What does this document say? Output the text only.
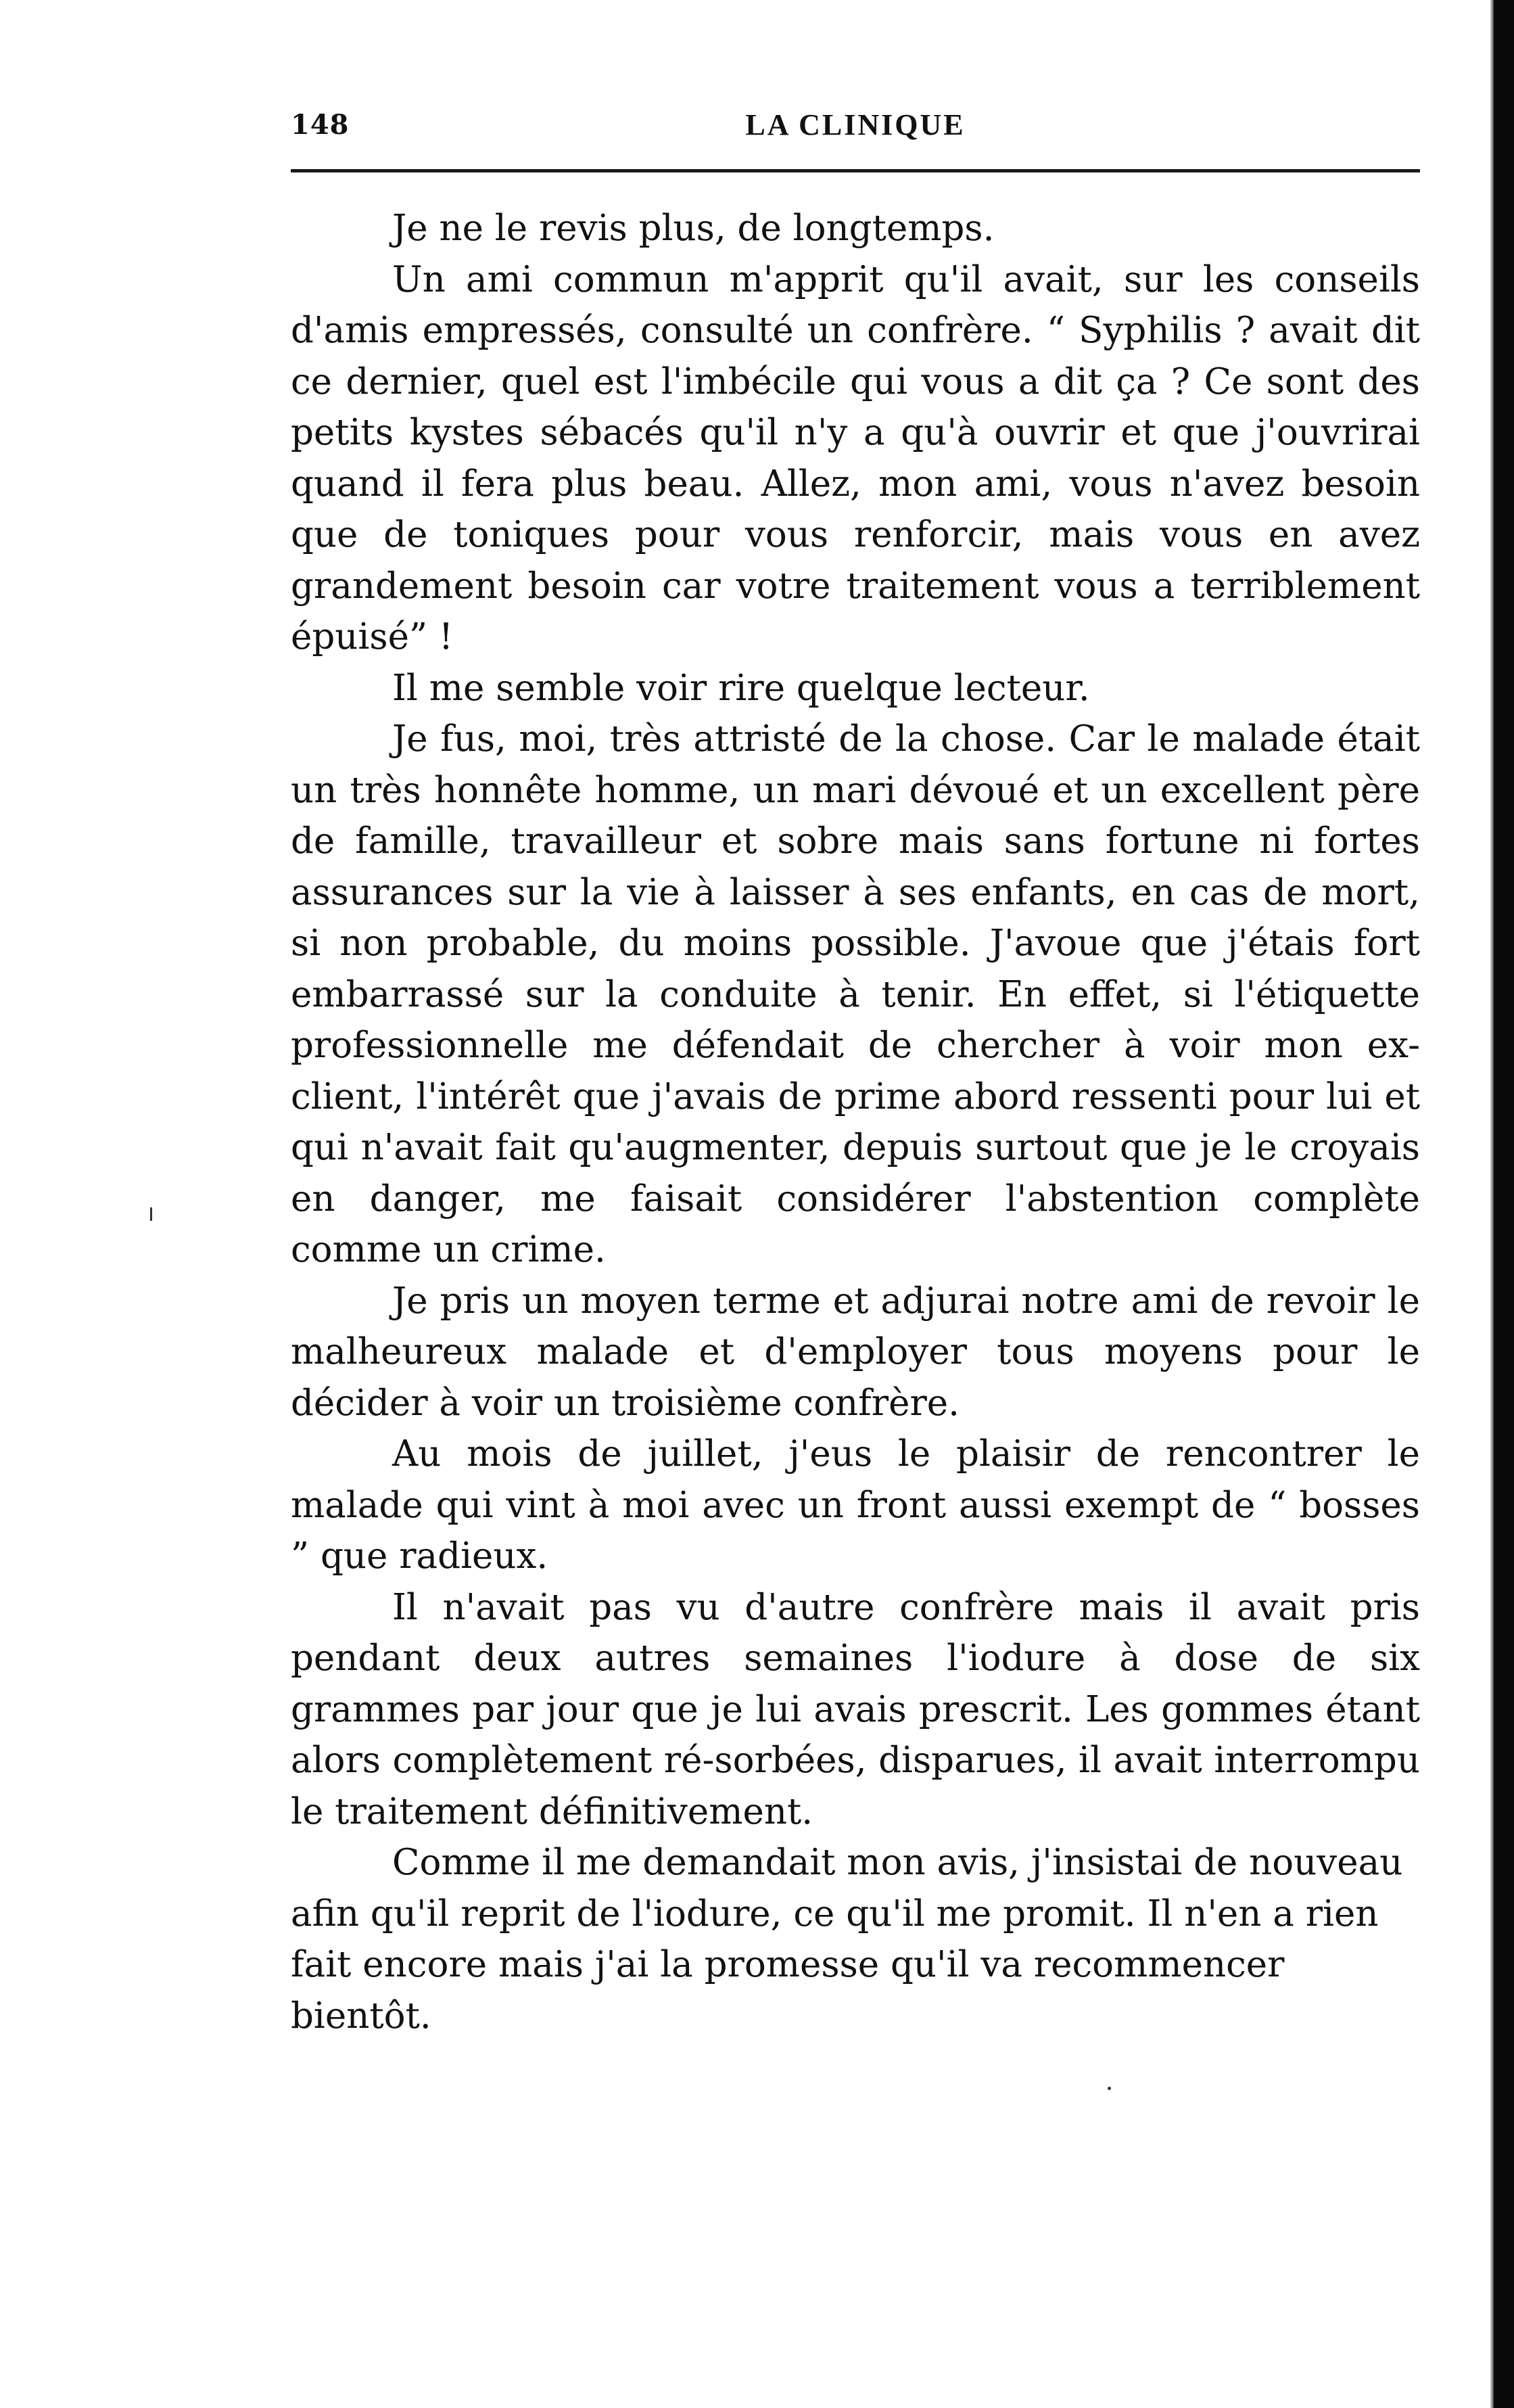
LA CLINIQUE
148

Je ne le revis plus, de longtemps.

Un ami commun m'apprit qu'il avait, sur les conseils d'amis empressés, consulté un confrère. “ Syphilis ? avait dit ce dernier, quel est l'imbécile qui vous a dit ça ? Ce sont des petits kystes sébacés qu'il n'y a qu'à ouvrir et que j'ouvrirai quand il fera plus beau. Allez, mon ami, vous n'avez besoin que de toniques pour vous renforcir, mais vous en avez grandement besoin car votre traitement vous a terriblement épuisé” !

Il me semble voir rire quelque lecteur.

Je fus, moi, très attristé de la chose. Car le malade était un très honnête homme, un mari dévoué et un excellent père de famille, travailleur et sobre mais sans fortune ni fortes assurances sur la vie à laisser à ses enfants, en cas de mort, si non probable, du moins possible. J'avoue que j'étais fort embarrassé sur la conduite à tenir. En effet, si l'étiquette professionnelle me défendait de chercher à voir mon ex-client, l'intérêt que j'avais de prime abord ressenti pour lui et qui n'avait fait qu'augmenter, depuis surtout que je le croyais en danger, me faisait considérer l'abstention complète comme un crime.

Je pris un moyen terme et adjurai notre ami de revoir le malheureux malade et d'employer tous moyens pour le décider à voir un troisième confrère.

Au mois de juillet, j'eus le plaisir de rencontrer le malade qui vint à moi avec un front aussi exempt de “ bosses ” que radieux.

Il n'avait pas vu d'autre confrère mais il avait pris pendant deux autres semaines l'iodure à dose de six grammes par jour que je lui avais prescrit. Les gommes étant alors complètement ré-sorbées, disparues, il avait interrompu le traitement définitivement.

Comme il me demandait mon avis, j'insistai de nouveau afin qu'il reprit de l'iodure, ce qu'il me promit. Il n'en a rien fait encore mais j'ai la promesse qu'il va recommencer bientôt.
